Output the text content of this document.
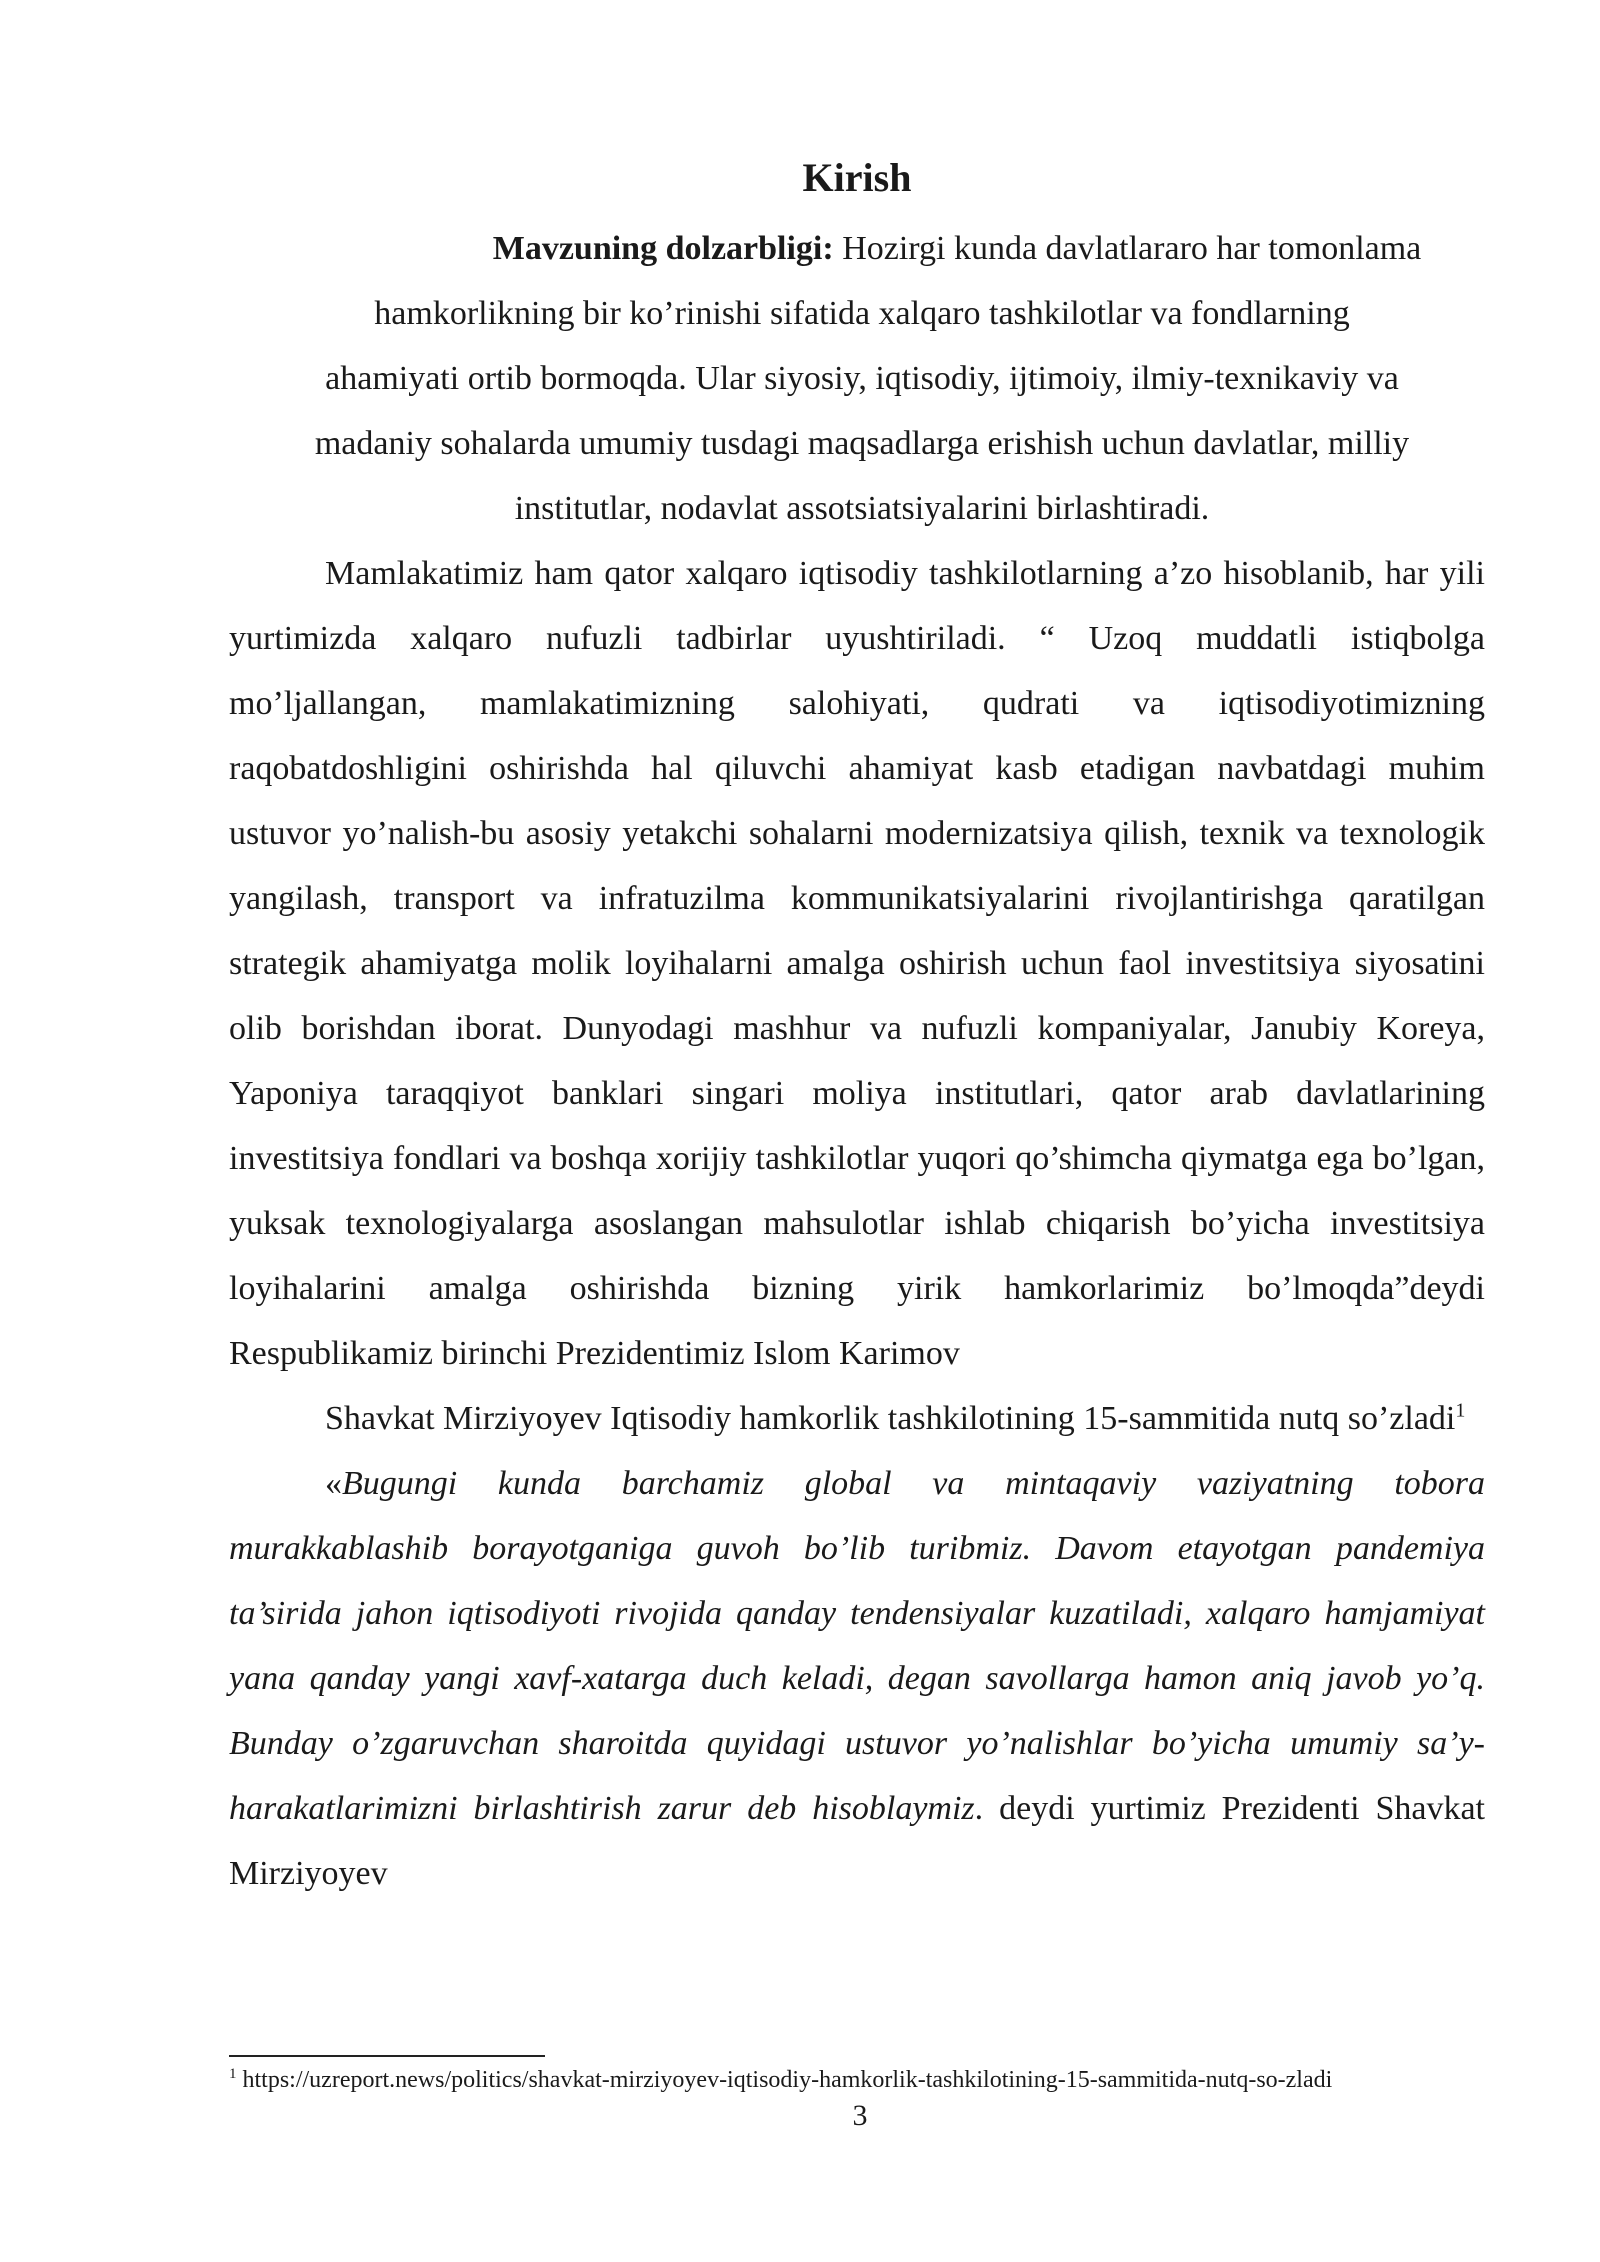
Kirish

Mavzuning dolzarbligi: Hozirgi kunda davlatlararo har tomonlama

hamkorlikning bir ko’rinishi sifatida xalqaro tashkilotlar va fondlarning

ahamiyati ortib bormoqda. Ular siyosiy, iqtisodiy, ijtimoiy, ilmiy-texnikaviy va

madaniy sohalarda umumiy tusdagi maqsadlarga erishish uchun davlatlar, milliy

institutlar, nodavlat assotsiatsiyalarini birlashtiradi.

Mamlakatimiz ham qator xalqaro iqtisodiy tashkilotlarning a’zo hisoblanib, har yili yurtimizda xalqaro nufuzli tadbirlar uyushtiriladi. “ Uzoq muddatli istiqbolga mo’ljallangan, mamlakatimizning salohiyati, qudrati va iqtisodiyotimizning raqobatdoshligini oshirishda hal qiluvchi ahamiyat kasb etadigan navbatdagi muhim ustuvor yo’nalish-bu asosiy yetakchi sohalarni modernizatsiya qilish, texnik va texnologik yangilash, transport va infratuzilma kommunikatsiyalarini rivojlantirishga qaratilgan strategik ahamiyatga molik loyihalarni amalga oshirish uchun faol investitsiya siyosatini olib borishdan iborat. Dunyodagi mashhur va nufuzli kompaniyalar, Janubiy Koreya, Yaponiya taraqqiyot banklari singari moliya institutlari, qator arab davlatlarining investitsiya fondlari va boshqa xorijiy tashkilotlar yuqori qo’shimcha qiymatga ega bo’lgan, yuksak texnologiyalarga asoslangan mahsulotlar ishlab chiqarish bo’yicha investitsiya loyihalarini amalga oshirishda bizning yirik hamkorlarimiz bo’lmoqda”deydi Respublikamiz birinchi Prezidentimiz Islom Karimov

Shavkat Mirziyoyev Iqtisodiy hamkorlik tashkilotining 15-sammitida nutq so’zladi$^1$

«Bugungi kunda barchamiz global va mintaqaviy vaziyatning tobora murakkablashib borayotganiga guvoh bo’lib turibmiz. Davom etayotgan pandemiya ta’sirida jahon iqtisodiyoti rivojida qanday tendensiyalar kuzatiladi, xalqaro hamjamiyat yana qanday yangi xavf-xatarga duch keladi, degan savollarga hamon aniq javob yo’q. Bunday o’zgaruvchan sharoitda quyidagi ustuvor yo’nalishlar bo’yicha umumiy sa’y-harakatlarimizni birlashtirish zarur deb hisoblaymiz. deydi yurtimiz Prezidenti Shavkat Mirziyoyev

$^1$ https://uzreport.news/politics/shavkat-mirziyoyev-iqtisodiy-hamkorlik-tashkilotining-15-sammitida-nutq-so-zladi
3
